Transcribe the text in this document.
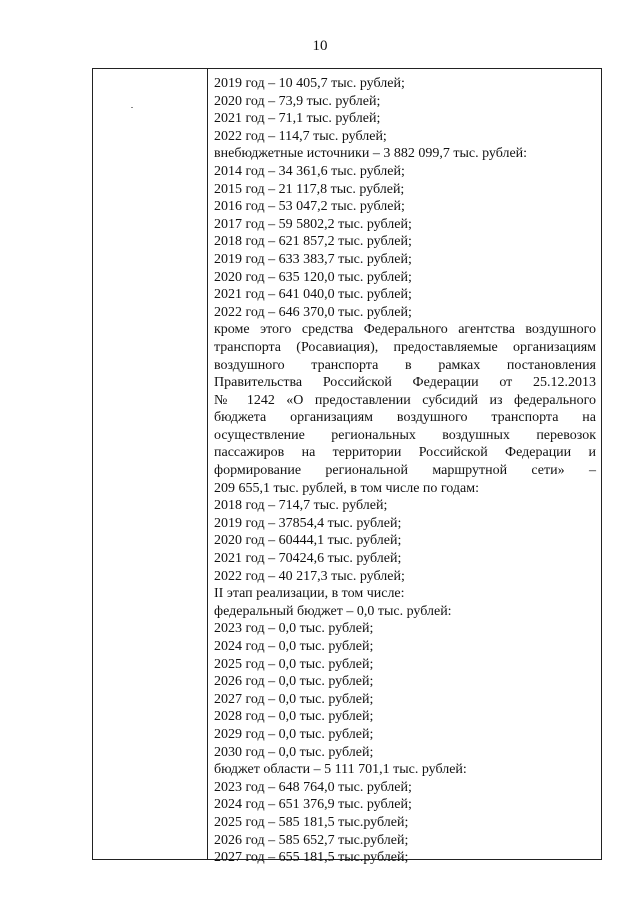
10
2019 год – 10 405,7 тыс. рублей;
2020 год – 73,9 тыс. рублей;
2021 год – 71,1 тыс. рублей;
2022 год – 114,7 тыс. рублей;
внебюджетные источники – 3 882 099,7 тыс. рублей:
2014 год – 34 361,6 тыс. рублей;
2015 год – 21 117,8 тыс. рублей;
2016 год – 53 047,2 тыс. рублей;
2017 год – 59 5802,2 тыс. рублей;
2018 год – 621 857,2 тыс. рублей;
2019 год – 633 383,7 тыс. рублей;
2020 год – 635 120,0 тыс. рублей;
2021 год – 641 040,0 тыс. рублей;
2022 год – 646 370,0 тыс. рублей;
кроме этого средства Федерального агентства воздушного
транспорта (Росавиация), предоставляемые организациям
воздушного транспорта в рамках постановления
Правительства Российской Федерации от 25.12.2013
№ 1242 «О предоставлении субсидий из федерального
бюджета организациям воздушного транспорта на
осуществление региональных воздушных перевозок
пассажиров на территории Российской Федерации и
формирование региональной маршрутной сети» –
209 655,1 тыс. рублей, в том числе по годам:
2018 год – 714,7 тыс. рублей;
2019 год – 37854,4 тыс. рублей;
2020 год – 60444,1 тыс. рублей;
2021 год – 70424,6 тыс. рублей;
2022 год – 40 217,3 тыс. рублей;
II этап реализации, в том числе:
федеральный бюджет – 0,0 тыс. рублей:
2023 год – 0,0 тыс. рублей;
2024 год – 0,0 тыс. рублей;
2025 год – 0,0 тыс. рублей;
2026 год – 0,0 тыс. рублей;
2027 год – 0,0 тыс. рублей;
2028 год – 0,0 тыс. рублей;
2029 год – 0,0 тыс. рублей;
2030 год – 0,0 тыс. рублей;
бюджет области – 5 111 701,1 тыс. рублей:
2023 год – 648 764,0 тыс. рублей;
2024 год – 651 376,9 тыс. рублей;
2025 год – 585 181,5 тыс.рублей;
2026 год – 585 652,7 тыс.рублей;
2027 год – 655 181,5 тыс.рублей;
